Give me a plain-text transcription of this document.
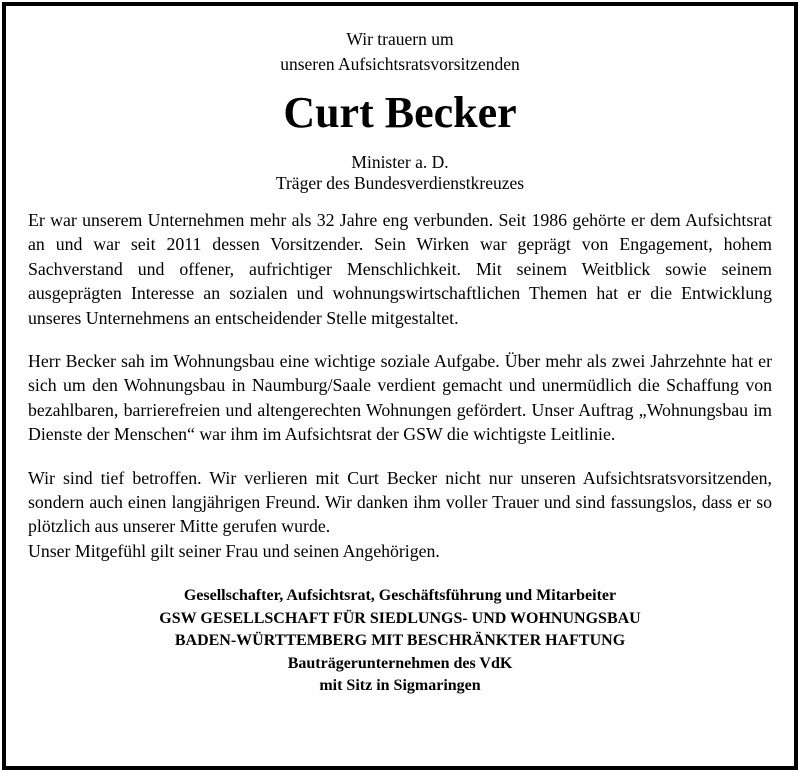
Wir trauern um
unseren Aufsichtsratsvorsitzenden
Curt Becker
Minister a. D.
Träger des Bundesverdienstkreuzes
Er war unserem Unternehmen mehr als 32 Jahre eng verbunden. Seit 1986 gehörte er dem Aufsichtsrat an und war seit 2011 dessen Vorsitzender. Sein Wirken war geprägt von Engagement, hohem Sachverstand und offener, aufrichtiger Menschlichkeit. Mit seinem Weitblick sowie seinem ausgeprägten Interesse an sozialen und wohnungswirtschaftlichen Themen hat er die Entwicklung unseres Unternehmens an entscheidender Stelle mitgestaltet.
Herr Becker sah im Wohnungsbau eine wichtige soziale Aufgabe. Über mehr als zwei Jahrzehnte hat er sich um den Wohnungsbau in Naumburg/Saale verdient gemacht und unermüdlich die Schaffung von bezahlbaren, barrierefreien und altengerechten Wohnungen gefördert. Unser Auftrag „Wohnungsbau im Dienste der Menschen“ war ihm im Aufsichtsrat der GSW die wichtigste Leitlinie.
Wir sind tief betroffen. Wir verlieren mit Curt Becker nicht nur unseren Aufsichtsratsvorsitzenden, sondern auch einen langjährigen Freund. Wir danken ihm voller Trauer und sind fassungslos, dass er so plötzlich aus unserer Mitte gerufen wurde.
Unser Mitgefühl gilt seiner Frau und seinen Angehörigen.
Gesellschafter, Aufsichtsrat, Geschäftsführung und Mitarbeiter
GSW GESELLSCHAFT FÜR SIEDLUNGS- UND WOHNUNGSBAU
BADEN-WÜRTTEMBERG MIT BESCHRÄNKTER HAFTUNG
Bauträgerunternehmen des VdK
mit Sitz in Sigmaringen
